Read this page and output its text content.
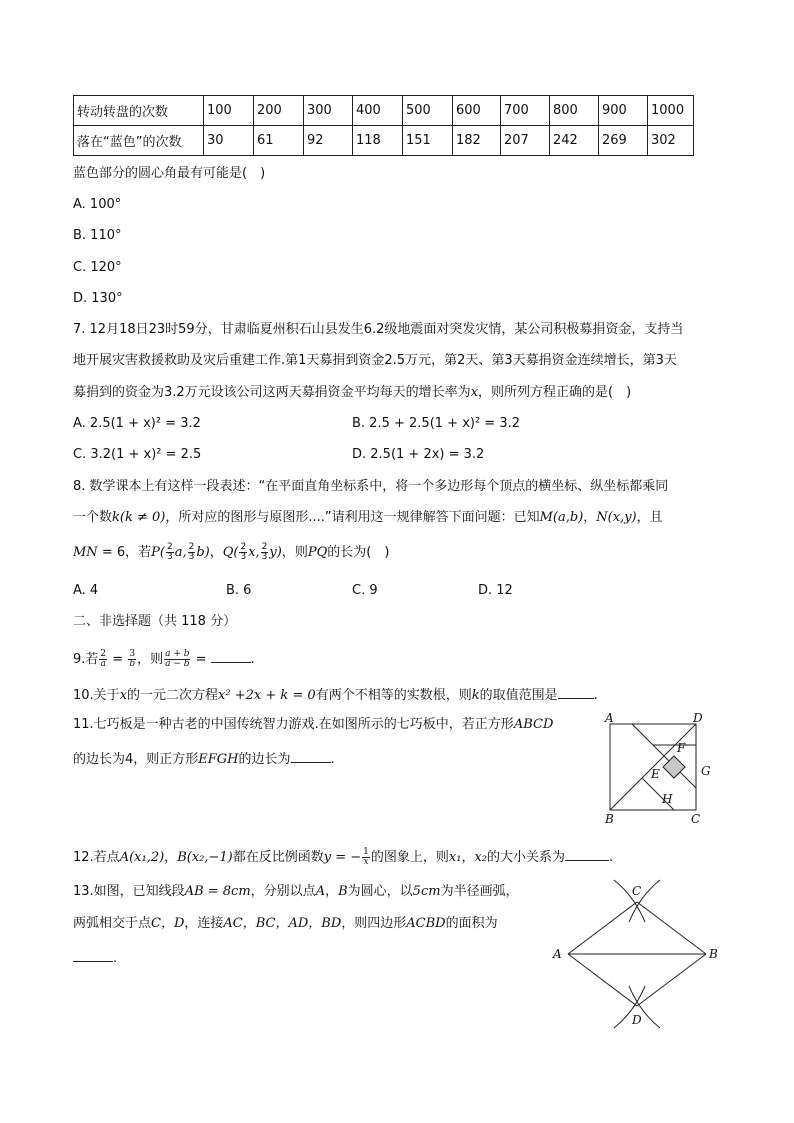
转动转盘的次数	100	200	300	400	500	600	700	800	900	1000
落在“蓝色”的次数	30	61	92	118	151	182	207	242	269	302
蓝色部分的圆心角最有可能是(　)
A. 100°
B. 110°
C. 120°
D. 130°
7. 12月18日23时59分，甘肃临夏州积石山县发生6.2级地震面对突发灾情，某公司积极募捐资金，支持当
地开展灾害救援救助及灾后重建工作.第1天募捐到资金2.5万元，第2天、第3天募捐资金连续增长，第3天
募捐到的资金为3.2万元设该公司这两天募捐资金平均每天的增长率为x，则所列方程正确的是(　)
A. 2.5(1 + x)² = 3.2	B. 2.5 + 2.5(1 + x)² = 3.2
C. 3.2(1 + x)² = 2.5	D. 2.5(1 + 2x) = 3.2
8. 数学课本上有这样一段表述：“在平面直角坐标系中，将一个多边形每个顶点的横坐标、纵坐标都乘同
一个数k(k ≠ 0)，所对应的图形与原图形....”请利用这一规律解答下面问题：已知M(a,b)，N(x,y)，且
MN = 6，若$P( \frac{2}{3} a$, $\frac{2}{3} b$)，$Q( \frac{2}{3} x$, $\frac{2}{3} y$)，则PQ的长为(　)
A. 4	B. 6	C. 9	D. 12
二、非选择题（共 118 分）
9.若 $\frac{2}{a} = \frac{3}{b}$ ，则 $\frac{a + b}{a - b}$ =	.
10.关于x的一元二次方程x² +2x + k = 0有两个不相等的实数根，则k的取值范围是	.
11.七巧板是一种古老的中国传统智力游戏.在如图所示的七巧板中，若正方形ABCD
的边长为4，则正方形EFGH的边长为	.
A	D
B	C
E
F
G
H
12.若点A(x₁,2)，B(x₂,−1)都在反比例函数y = − $\frac{1}{x}$ 的图象上，则x₁，x₂的大小关系为	.
13.如图，已知线段AB = 8cm，分别以点A，B为圆心，以5cm为半径画弧，
两弧相交于点C，D，连接AC，BC，AD，BD，则四边形ACBD的面积为
.	A	B
C
D
